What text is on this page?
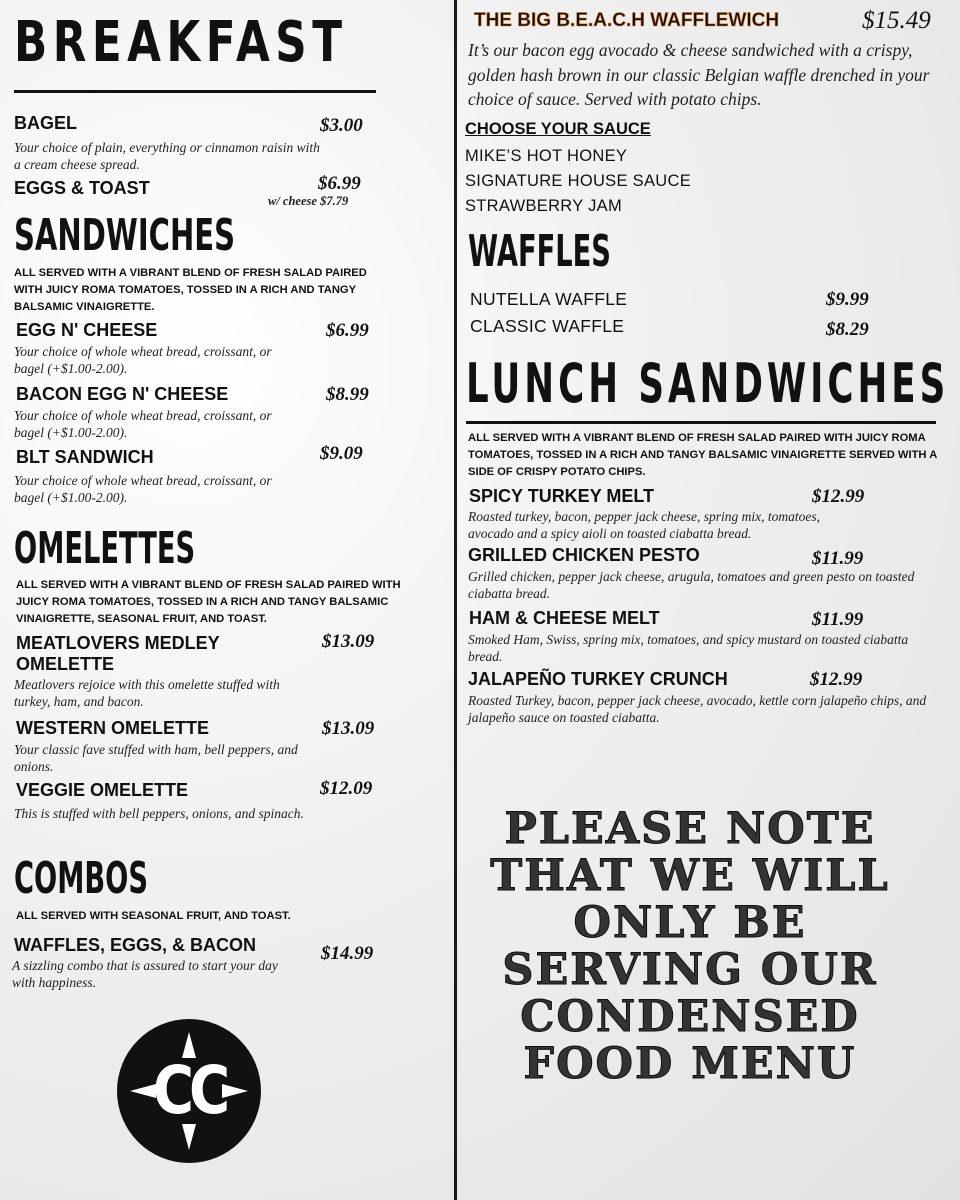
BREAKFAST
BAGEL	$3.00
Your choice of plain, everything or cinnamon raisin with a cream cheese spread.
EGGS & TOAST	$6.99
w/ cheese $7.79
SANDWICHES
ALL SERVED WITH A VIBRANT BLEND OF FRESH SALAD PAIRED WITH JUICY ROMA TOMATOES, TOSSED IN A RICH AND TANGY BALSAMIC VINAIGRETTE.
EGG N' CHEESE	$6.99
Your choice of whole wheat bread, croissant, or bagel (+$1.00-2.00).
BACON EGG N' CHEESE	$8.99
Your choice of whole wheat bread, croissant, or bagel (+$1.00-2.00).
BLT SANDWICH	$9.09
Your choice of whole wheat bread, croissant, or bagel (+$1.00-2.00).
OMELETTES
ALL SERVED WITH A VIBRANT BLEND OF FRESH SALAD PAIRED WITH JUICY ROMA TOMATOES, TOSSED IN A RICH AND TANGY BALSAMIC VINAIGRETTE, SEASONAL FRUIT, AND TOAST.
MEATLOVERS MEDLEY OMELETTE
$13.09
Meatlovers rejoice with this omelette stuffed with turkey, ham, and bacon.
WESTERN OMELETTE	$13.09
Your classic fave stuffed with ham, bell peppers, and onions.
VEGGIE OMELETTE	$12.09
This is stuffed with bell peppers, onions, and spinach.
COMBOS
ALL SERVED WITH SEASONAL FRUIT, AND TOAST.
WAFFLES, EGGS, & BACON	$14.99
A sizzling combo that is assured to start your day with happiness.
CC
THE BIG B.E.A.C.H WAFFLEWICH	$15.49
It’s our bacon egg avocado & cheese sandwiched with a crispy, golden hash brown in our classic Belgian waffle drenched in your choice of sauce. Served with potato chips.
CHOOSE YOUR SAUCE
MIKE’S HOT HONEY
SIGNATURE HOUSE SAUCE
STRAWBERRY JAM
WAFFLES
NUTELLA WAFFLE	$9.99
CLASSIC WAFFLE	$8.29
LUNCH SANDWICHES
ALL SERVED WITH A VIBRANT BLEND OF FRESH SALAD PAIRED WITH JUICY ROMA TOMATOES, TOSSED IN A RICH AND TANGY BALSAMIC VINAIGRETTE SERVED WITH A SIDE OF CRISPY POTATO CHIPS.
SPICY TURKEY MELT	$12.99
Roasted turkey, bacon, pepper jack cheese, spring mix, tomatoes, avocado and a spicy aioli on toasted ciabatta bread.
GRILLED CHICKEN PESTO	$11.99
Grilled chicken, pepper jack cheese, arugula, tomatoes and green pesto on toasted ciabatta bread.
HAM & CHEESE MELT	$11.99
Smoked Ham, Swiss, spring mix, tomatoes, and spicy mustard on toasted ciabatta bread.
JALAPEÑO TURKEY CRUNCH	$12.99
Roasted Turkey, bacon, pepper jack cheese, avocado, kettle corn jalapeño chips, and jalapeño sauce on toasted ciabatta.
PLEASE NOTE THAT WE WILL ONLY BE SERVING OUR CONDENSED FOOD MENU
